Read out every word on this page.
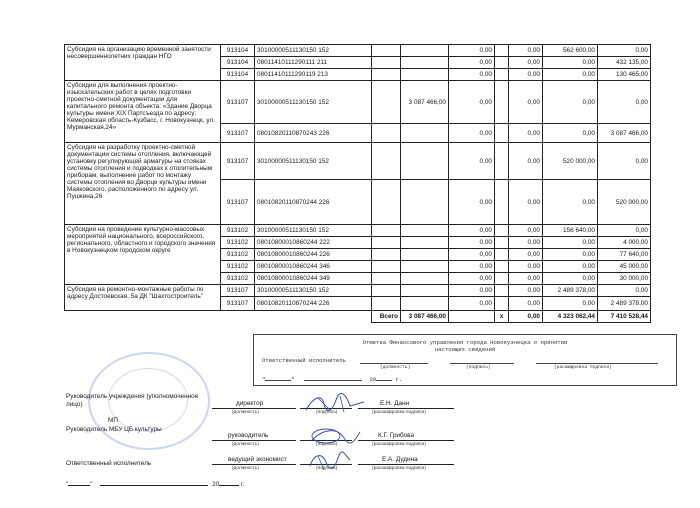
Субсидия на организацию временной занятости несовершеннолетних граждан НГО	913104	30100000511130150 152			0,00		0,00	562 600,00	0,00
	913104	08011410111290111 211			0,00		0,00	0,00	432 135,00
	913104	08011410111290119 213			0,00		0,00	0,00	130 465,00
Субсидия для выполнения проектно-изыскательских работ в целях подготовки проектно-сметной документации для капитального ремонта объекта: «Здание Дворца культуры имени XIX Партсъезда по адресу: Кемеровская область-Кузбасс, г. Новокузнецк, ул. Мурманская,24»	913107	30100000511130150 152		3 087 466,00	0,00		0,00	0,00	0,00
	913107	08010820110870243 226			0,00		0,00	0,00	3 087 466,00
Субсидия на разработку проектно-сметной документации системы отопления, включающей установку регулирующей арматуры на стояках системы отопления и подводках к отопительным приборам, выполнение работ по монтажу системы отопления во Дворце культуры имени Маяковского, расположенного по адресу ул. Пушкина,26	913107	30100000511130150 152			0,00		0,00	520 000,00	0,00
	913107	08010820110870244 226			0,00		0,00	0,00	520 000,00
Субсидия на проведение культурно-массовых мероприятий национального, всероссийского, регионального, областного и городского значения в Новокузнецком городском округе	913102	30100000511130150 152			0,00		0,00	156 640,00	0,00
	913102	08010800010860244 222			0,00		0,00	0,00	4 000,00
	913102	08010800010860244 226			0,00		0,00	0,00	77 640,00
	913102	08010800010860244 346			0,00		0,00	0,00	45 000,00
	913102	08010800010860244 349			0,00		0,00	0,00	30 000,00
Субсидия на ремонтно-монтажные работы по адресу Достоевская, 5а ДК "Шахтостроитель"	913107	30100000511130150 152			0,00		0,00	2 489 378,00	0,00
	913107	08010820110870244 226			0,00		0,00	0,00	2 489 378,00
			Всего	3 087 466,00		x	0,00	4 323 062,44	7 410 528,44
Отметка Финансового управления города Новокузнецка о принятии
настоящих сведений
Ответственный исполнитель
(должность)	(подпись)	(расшифровка подписи)
"	"	20	г.
Руководитель учреждения (уполномоченное лицо)
МП
Руководитель МБУ ЦБ культуры
Ответственный исполнитель
директор	Е.Н. Данн
(должность)	(подпись)	(расшифровка подписи)
руководитель	К.Г. Грибова
(должность)	(подпись)	(расшифровка подписи)
ведущий экономист	Е.А. Дудина
(должность)	(подпись)	(расшифровка подписи)
"	"	20	г.
